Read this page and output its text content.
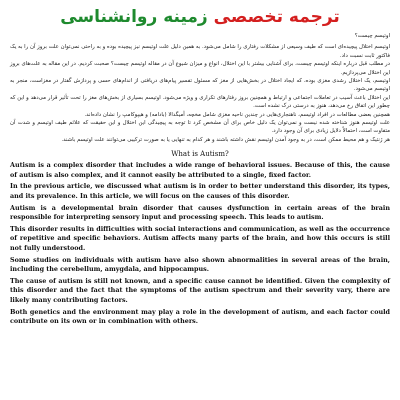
ترجمه تخصصی زمینه روانشناسی

اوتیسم چیست؟

اوتیسم اختلال پیچیده‌ای است که طیف وسیعی از مشکلات رفتاری را شامل می‌شود. به همین دلیل علت اوتیسم نیز پیچیده بوده و به راحتی نمی‌توان علت بروز آن را به یک فاکتور ثابت نسبت داد.

در مطلب قبل درباره اینکه اوتیسم چیست، برای آشنایی بیشتر با این اختلال، انواع و میزان شیوع آن در مقاله اوتیسم چیست؟ صحبت کردیم. در این مقاله به علت‌های بروز این اختلال می‌پردازیم.

اوتیسم، یک اختلال رشدی مغزی بوده، که ایجاد اختلال در بخش‌هایی از مغز که مسئول تفسیر پیام‌های دریافتی از اندام‌های حسی و پردازش گفتار در مغزاست، منجر به اوتیسم می‌شود.

این اختلال باعث آسیب در تعاملات اجتماعی و ارتباط و همچنین بروز رفتارهای تکراری و ویژه می‌شود. اوتیسم بسیاری از بخش‌های مغز را تحت تأثیر قرار می‌دهد و این که چطور این اتفاق رخ می‌دهد، هنوز به درستی درک نشده است.

همچنین بعضی مطالعات در افراد اوتیسم، ناهنجاری‌هایی در چندین ناحیه مغزی شامل مخچه، آمیگدالا (بادامه) و هیپوکامپ را نشان داده‌اند.

علت اوتیسم هنوز شناخته شده نیست و نمی‌توان یک دلیل خاص برای آن مشخص کرد تا توجه به پیچیدگی این اختلال و این حقیقت که علائم طیف اوتیسم و شدت آن متفاوت است، احتمالاً دلایل زیادی برای آن وجود دارد.

هر ژنتیک و هم محیط ممکن است، در به وجود آمدن اوتیسم نقش داشته باشند و هر کدام به تنهایی یا به صورت ترکیبی می‌توانند علت اوتیسم باشند.

What is Autism?

Autism is a complex disorder that includes a wide range of behavioral issues. Because of this, the cause of autism is also complex, and it cannot easily be attributed to a single, fixed factor.

In the previous article, we discussed what autism is in order to better understand this disorder, its types, and its prevalence. In this article, we will focus on the causes of this disorder.

Autism is a developmental brain disorder that causes dysfunction in certain areas of the brain responsible for interpreting sensory input and processing speech. This leads to autism.

This disorder results in difficulties with social interactions and communication, as well as the occurrence of repetitive and specific behaviors. Autism affects many parts of the brain, and how this occurs is still not fully understood.

Some studies on individuals with autism have also shown abnormalities in several areas of the brain, including the cerebellum, amygdala, and hippocampus.

The cause of autism is still not known, and a specific cause cannot be identified. Given the complexity of this disorder and the fact that the symptoms of the autism spectrum and their severity vary, there are likely many contributing factors.

Both genetics and the environment may play a role in the development of autism, and each factor could contribute on its own or in combination with others.
